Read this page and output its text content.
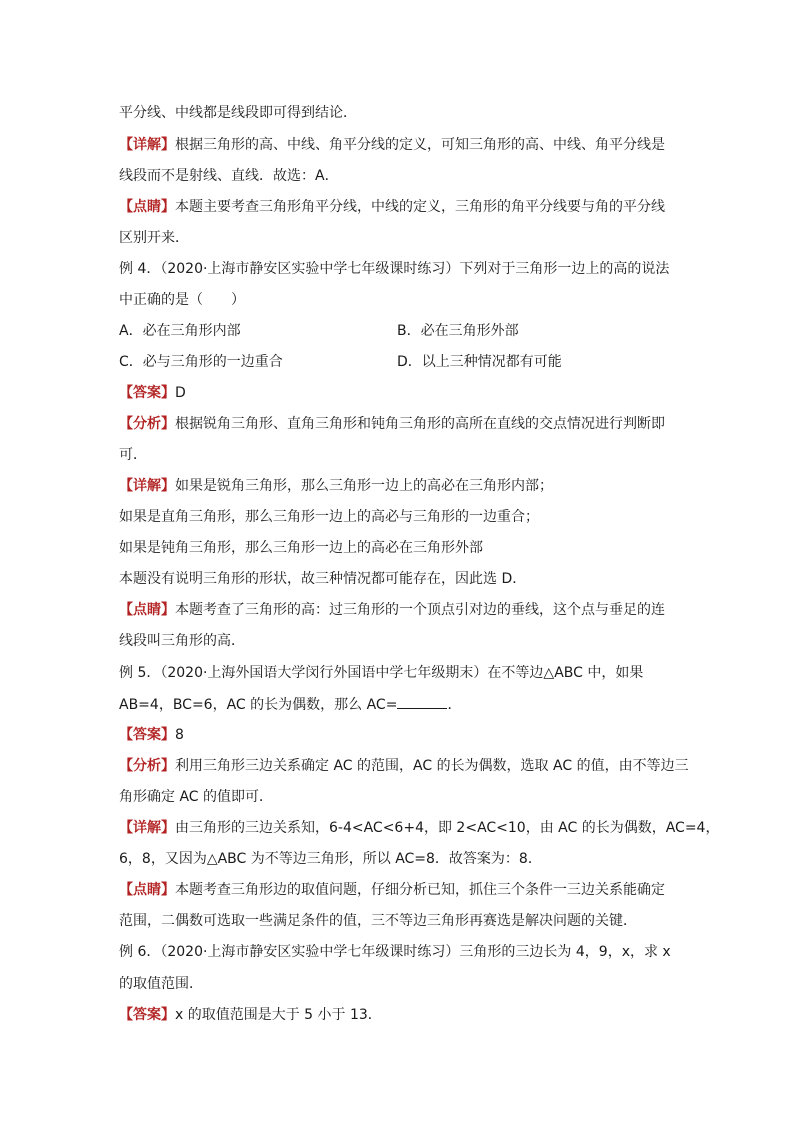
平分线、中线都是线段即可得到结论．
【详解】根据三角形的高、中线、角平分线的定义，可知三角形的高、中线、角平分线是
线段而不是射线、直线．故选：A．
【点睛】本题主要考查三角形角平分线，中线的定义，三角形的角平分线要与角的平分线
区别开来．
例 4．（2020·上海市静安区实验中学七年级课时练习）下列对于三角形一边上的高的说法
中正确的是（　　）
A．必在三角形内部	B．必在三角形外部
C．必与三角形的一边重合	D．以上三种情况都有可能
【答案】D
【分析】根据锐角三角形、直角三角形和钝角三角形的高所在直线的交点情况进行判断即
可．
【详解】如果是锐角三角形，那么三角形一边上的高必在三角形内部；
如果是直角三角形，那么三角形一边上的高必与三角形的一边重合；
如果是钝角三角形，那么三角形一边上的高必在三角形外部
本题没有说明三角形的形状，故三种情况都可能存在，因此选 D．
【点睛】本题考查了三角形的高：过三角形的一个顶点引对边的垂线，这个点与垂足的连
线段叫三角形的高．
例 5．（2020·上海外国语大学闵行外国语中学七年级期末）在不等边△ABC 中，如果
AB=4，BC=6，AC 的长为偶数，那么 AC=	．
【答案】8
【分析】利用三角形三边关系确定 AC 的范围，AC 的长为偶数，选取 AC 的值，由不等边三
角形确定 AC 的值即可．
【详解】由三角形的三边关系知，6-4<AC<6+4，即 2<AC<10，由 AC 的长为偶数，AC=4，
6，8，又因为△ABC 为不等边三角形，所以 AC=8．故答案为：8．
【点睛】本题考查三角形边的取值问题，仔细分析已知，抓住三个条件一三边关系能确定
范围，二偶数可选取一些满足条件的值，三不等边三角形再赛选是解决问题的关键．
例 6．（2020·上海市静安区实验中学七年级课时练习）三角形的三边长为 4，9，x，求 x
的取值范围．
【答案】x 的取值范围是大于 5 小于 13．
